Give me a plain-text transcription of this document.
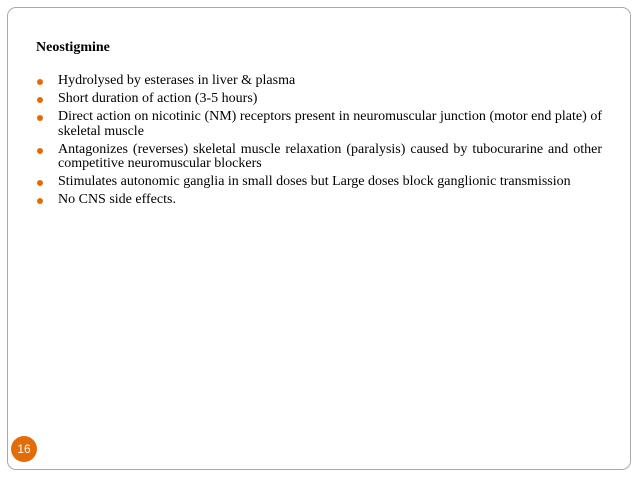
Neostigmine
Hydrolysed by esterases in liver & plasma
Short duration of action (3-5 hours)
Direct action on nicotinic (NM) receptors present in neuromuscular junction (motor end plate) of skeletal muscle
Antagonizes (reverses) skeletal muscle relaxation (paralysis) caused by tubocurarine and other competitive neuromuscular blockers
Stimulates autonomic ganglia in small doses but Large doses block ganglionic transmission
No CNS side effects.
16
